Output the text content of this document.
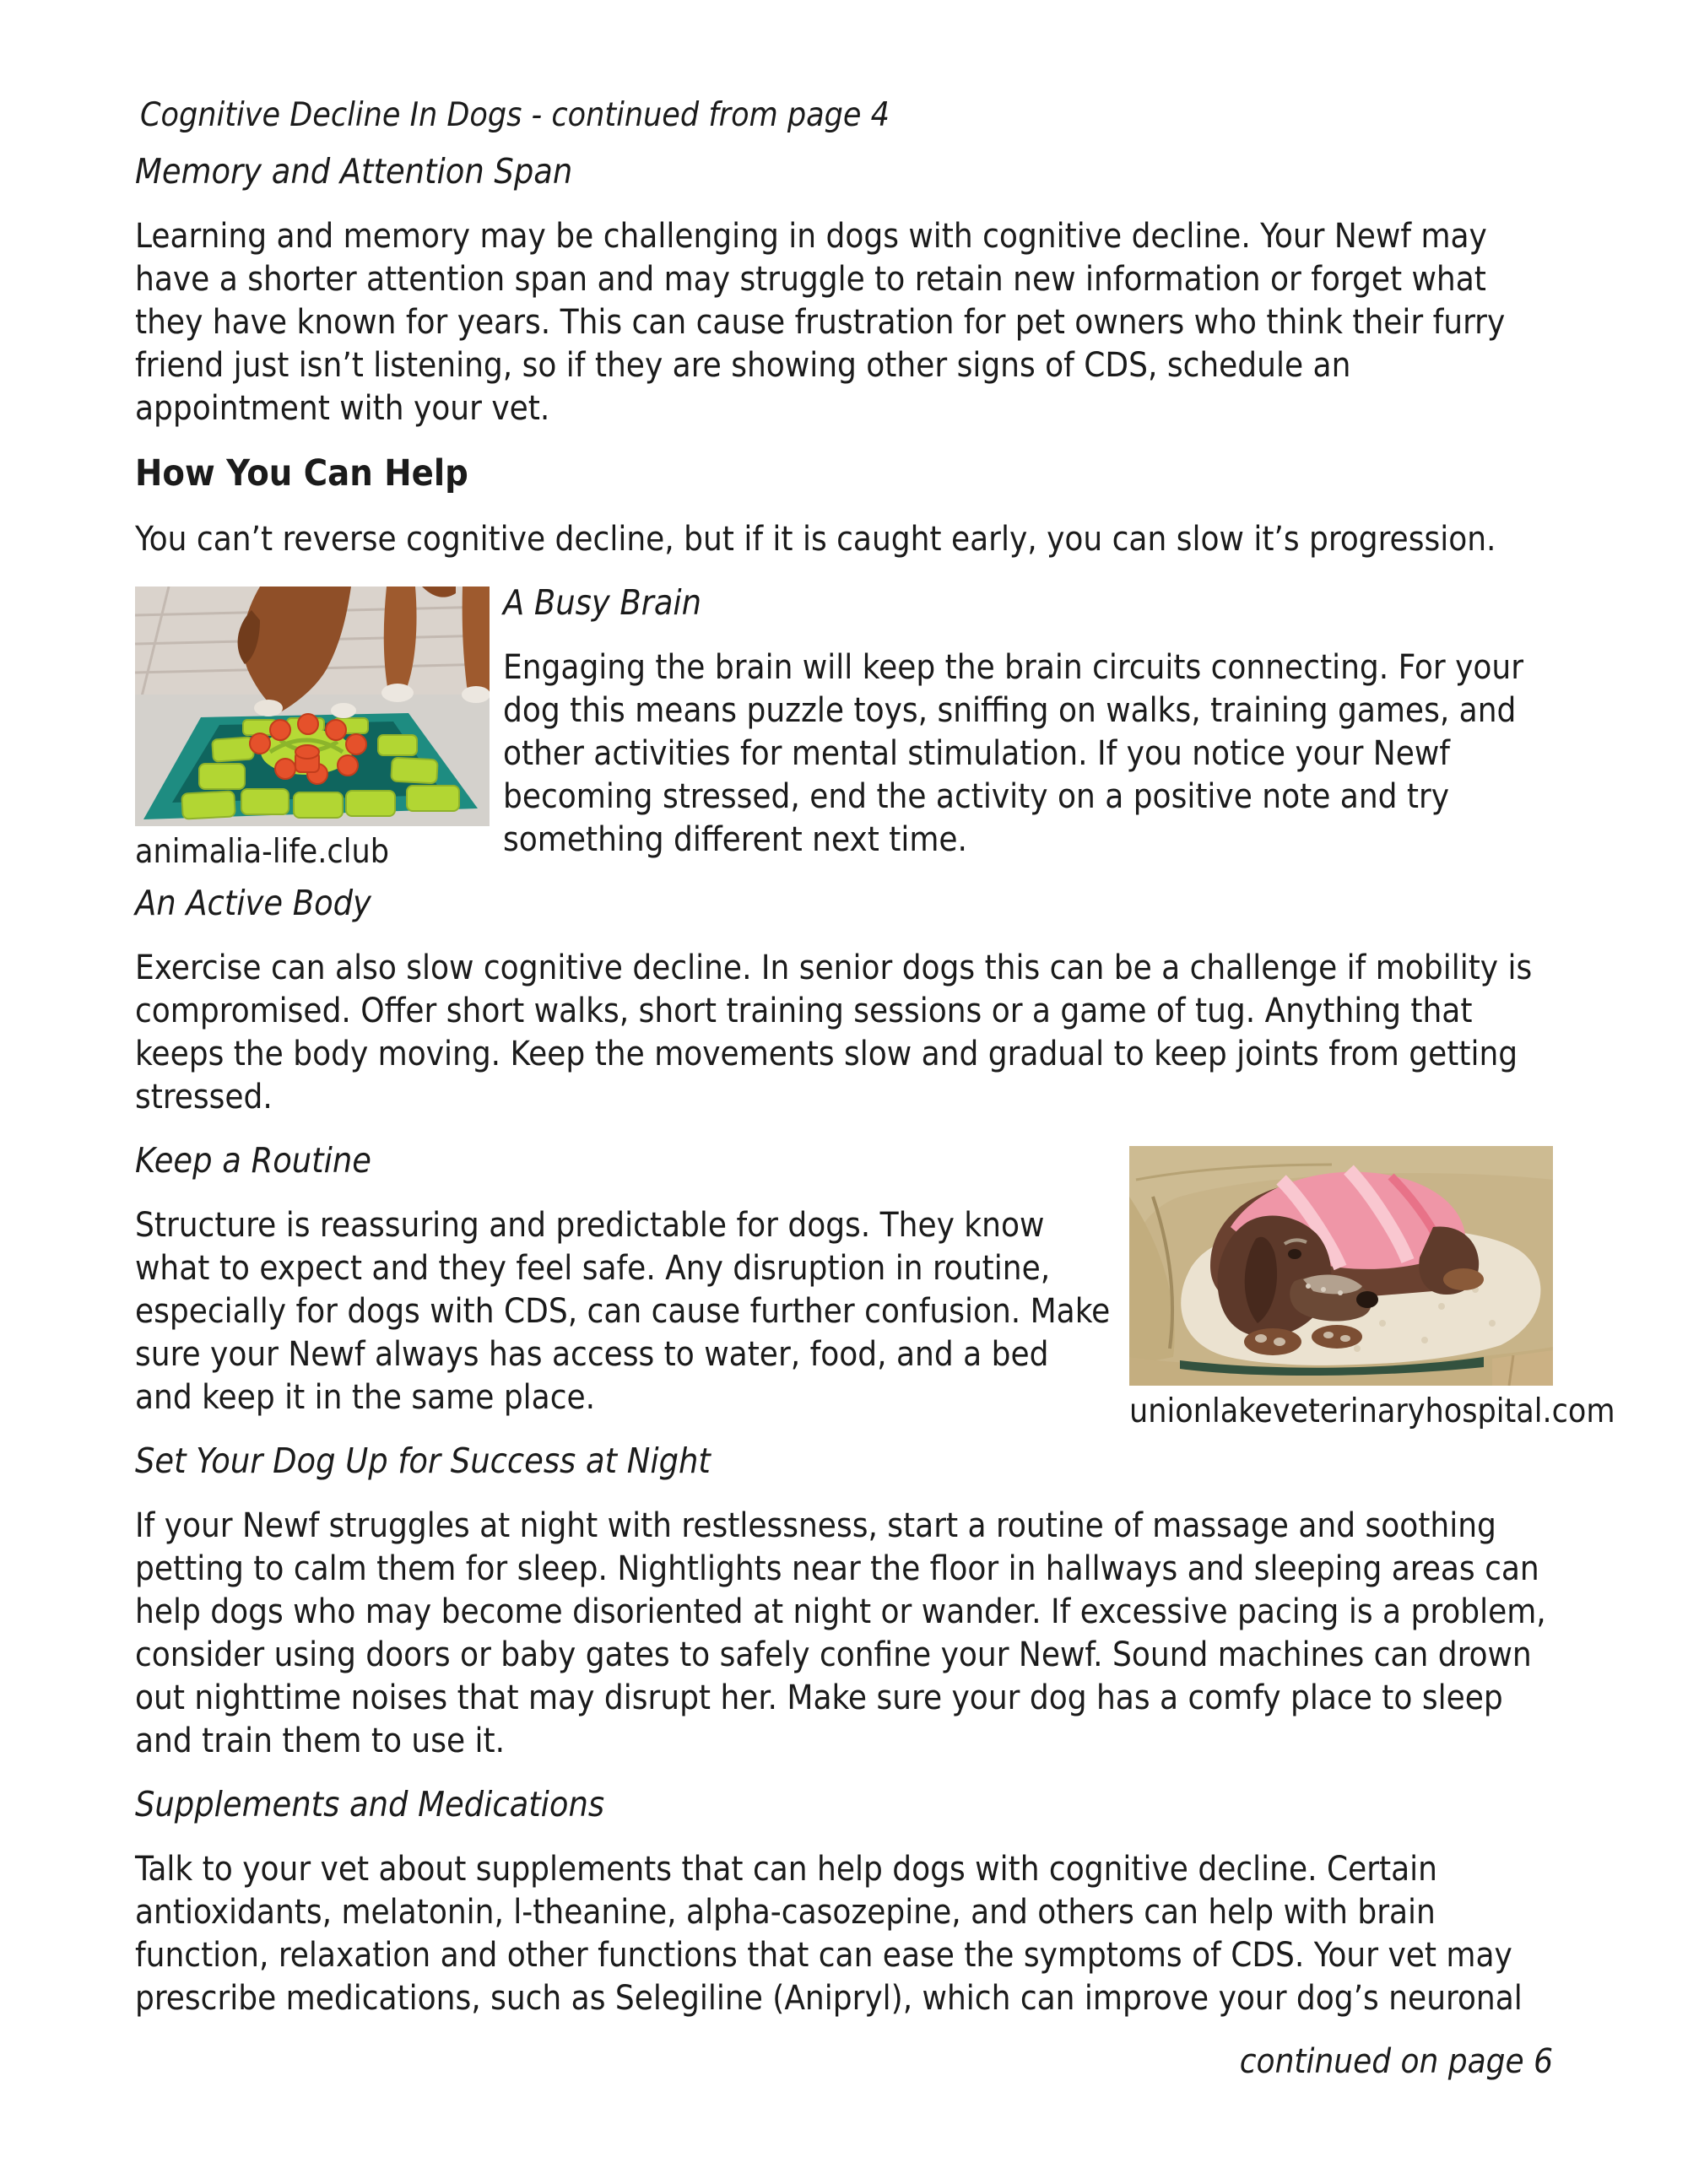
Cognitive Decline In Dogs - continued from page 4

Memory and Attention Span

Learning and memory may be challenging in dogs with cognitive decline. Your Newf may have a shorter attention span and may struggle to retain new information or forget what they have known for years. This can cause frustration for pet owners who think their furry friend just isn’t listening, so if they are showing other signs of CDS, schedule an appointment with your vet.

How You Can Help

You can’t reverse cognitive decline, but if it is caught early, you can slow it’s progression.

animalia-life.club
A Busy Brain

Engaging the brain will keep the brain circuits connecting. For your dog this means puzzle toys, sniffing on walks, training games, and other activities for mental stimulation. If you notice your Newf becoming stressed, end the activity on a positive note and try something different next time.

An Active Body

Exercise can also slow cognitive decline. In senior dogs this can be a challenge if mobility is compromised. Offer short walks, short training sessions or a game of tug. Anything that keeps the body moving. Keep the movements slow and gradual to keep joints from getting stressed.

unionlakeveterinaryhospital.com
Keep a Routine

Structure is reassuring and predictable for dogs. They know what to expect and they feel safe. Any disruption in routine, especially for dogs with CDS, can cause further confusion. Make sure your Newf always has access to water, food, and a bed and keep it in the same place.

Set Your Dog Up for Success at Night

If your Newf struggles at night with restlessness, start a routine of massage and soothing petting to calm them for sleep. Nightlights near the floor in hallways and sleeping areas can help dogs who may become disoriented at night or wander. If excessive pacing is a problem, consider using doors or baby gates to safely confine your Newf. Sound machines can drown out nighttime noises that may disrupt her. Make sure your dog has a comfy place to sleep and train them to use it.

Supplements and Medications

Talk to your vet about supplements that can help dogs with cognitive decline. Certain antioxidants, melatonin, l-theanine, alpha-casozepine, and others can help with brain function, relaxation and other functions that can ease the symptoms of CDS. Your vet may prescribe medications, such as Selegiline (Anipryl), which can improve your dog’s neuronal

continued on page 6
